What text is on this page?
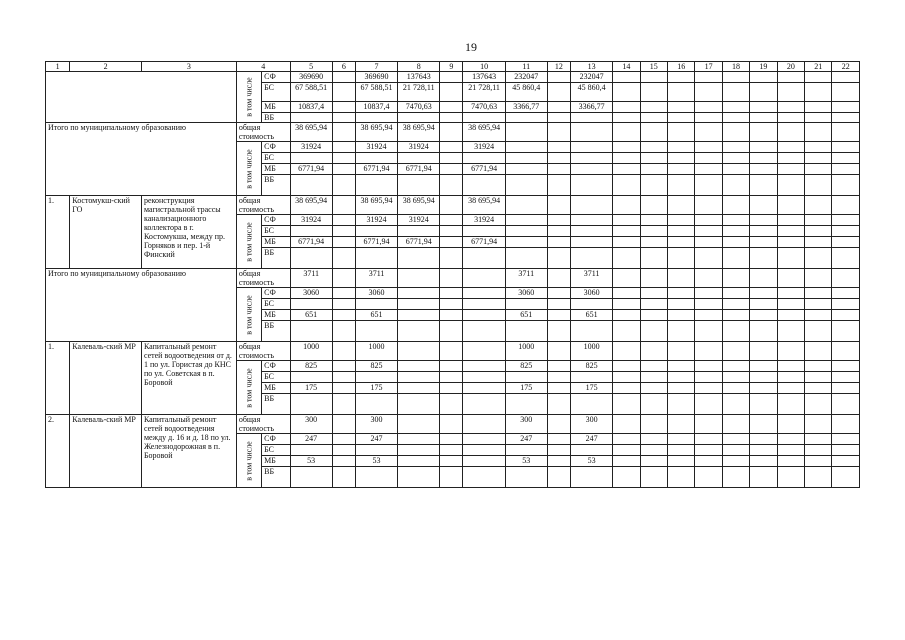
19
1	2	3	4		5	6	7	8	9	10	11	12	13	14	15	16	17	18	19	20	21	22

			в том числе	СФ	369690		369690	137643		137643	232047		232047									
				БС	67 588,51		67 588,51	21 728,11		21 728,11	45 860,4		45 860,4									
				МБ	10837,4		10837,4	7470,63		7470,63	3366,77		3366,77									
				ВБ																		
Итого по муниципальному образованию			общая стоимость		38 695,94		38 695,94	38 695,94		38 695,94												

			в том числе	СФ	31924		31924	31924		31924												
				БС																		
				МБ	6771,94		6771,94	6771,94		6771,94												
				ВБ																		
1.	Костомукш-ский ГО	реконструкция магистральной трассы канализационного коллектора в г. Костомукша, между пр. Горняков и пер. 1-й Финский	общая стоимость		38 695,94		38 695,94	38 695,94		38 695,94												

			в том числе	СФ	31924		31924	31924		31924												
				БС																		
				МБ	6771,94		6771,94	6771,94		6771,94												
				ВБ																		
Итого по муниципальному образованию			общая стоимость		3711		3711				3711		3711									

			в том числе	СФ	3060		3060				3060		3060									
				БС																		
				МБ	651		651				651		651									
				ВБ																		
1.	Калеваль-ский МР	Капитальный ремонт сетей водоотведения от д. 1 по ул. Гористая до КНС по ул. Советская в п. Боровой	общая стоимость		1000		1000				1000		1000									

			в том числе	СФ	825		825				825		825									
				БС																		
				МБ	175		175				175		175									
				ВБ																		
2.	Калеваль-ский МР	Капитальный ремонт сетей водоотведения между д. 16 и д. 18 по ул. Железнодорожная в п. Боровой	общая стоимость		300		300				300		300									

			в том числе	СФ	247		247				247		247									
				БС																		
				МБ	53		53				53		53									
				ВБ																		
